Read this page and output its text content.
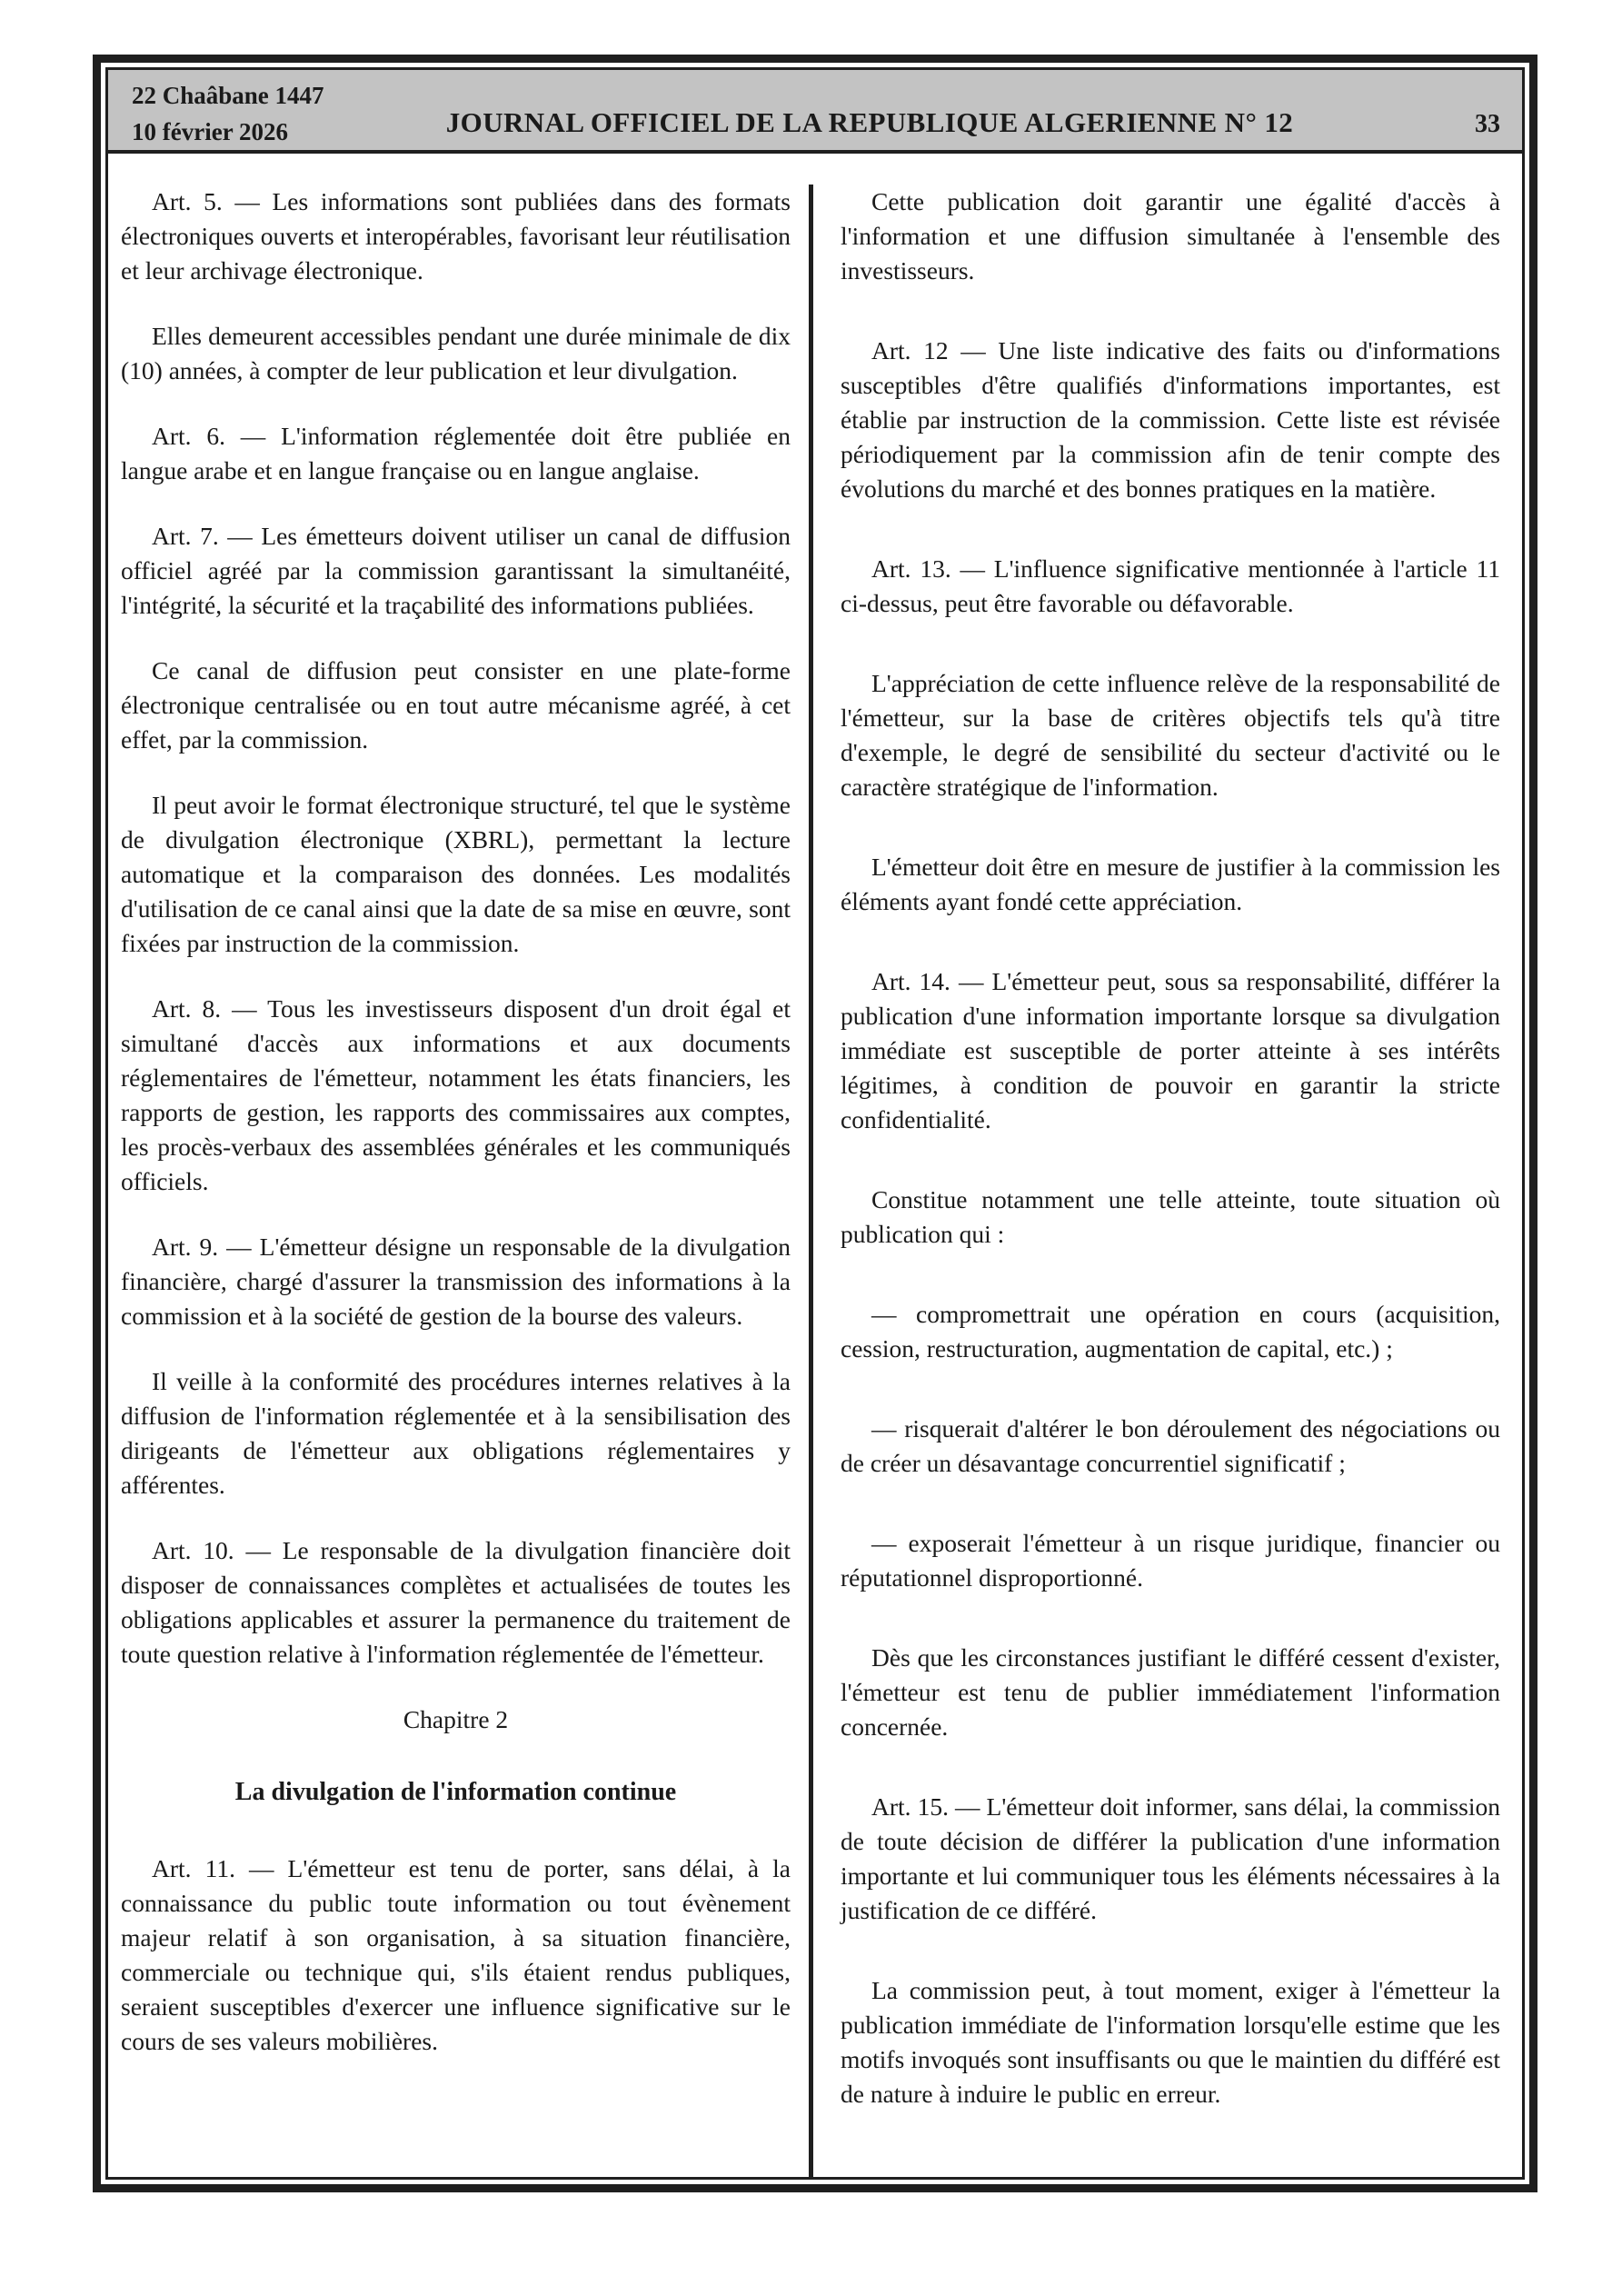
22 Chaâbane 1447
10 février 2026	JOURNAL OFFICIEL DE LA REPUBLIQUE ALGERIENNE N° 12	33

Art. 5. — Les informations sont publiées dans des formats électroniques ouverts et interopérables, favorisant leur réutilisation et leur archivage électronique.

Elles demeurent accessibles pendant une durée minimale de dix (10) années, à compter de leur publication et leur divulgation.

Art. 6. — L'information réglementée doit être publiée en langue arabe et en langue française ou en langue anglaise.

Art. 7. — Les émetteurs doivent utiliser un canal de diffusion officiel agréé par la commission garantissant la simultanéité, l'intégrité, la sécurité et la traçabilité des informations publiées.

Ce canal de diffusion peut consister en une plate-forme électronique centralisée ou en tout autre mécanisme agréé, à cet effet, par la commission.

Il peut avoir le format électronique structuré, tel que le système de divulgation électronique (XBRL), permettant la lecture automatique et la comparaison des données. Les modalités d'utilisation de ce canal ainsi que la date de sa mise en œuvre, sont fixées par instruction de la commission.

Art. 8. — Tous les investisseurs disposent d'un droit égal et simultané d'accès aux informations et aux documents réglementaires de l'émetteur, notamment les états financiers, les rapports de gestion, les rapports des commissaires aux comptes, les procès-verbaux des assemblées générales et les communiqués officiels.

Art. 9. — L'émetteur désigne un responsable de la divulgation financière, chargé d'assurer la transmission des informations à la commission et à la société de gestion de la bourse des valeurs.

Il veille à la conformité des procédures internes relatives à la diffusion de l'information réglementée et à la sensibilisation des dirigeants de l'émetteur aux obligations réglementaires y afférentes.

Art. 10. — Le responsable de la divulgation financière doit disposer de connaissances complètes et actualisées de toutes les obligations applicables et assurer la permanence du traitement de toute question relative à l'information réglementée de l'émetteur.

Chapitre 2

La divulgation de l'information continue

Art. 11. — L'émetteur est tenu de porter, sans délai, à la connaissance du public toute information ou tout évènement majeur relatif à son organisation, à sa situation financière, commerciale ou technique qui, s'ils étaient rendus publiques, seraient susceptibles d'exercer une influence significative sur le cours de ses valeurs mobilières.

Cette publication doit garantir une égalité d'accès à l'information et une diffusion simultanée à l'ensemble des investisseurs.

Art. 12 — Une liste indicative des faits ou d'informations susceptibles d'être qualifiés d'informations importantes, est établie par instruction de la commission. Cette liste est révisée périodiquement par la commission afin de tenir compte des évolutions du marché et des bonnes pratiques en la matière.

Art. 13. — L'influence significative mentionnée à l'article 11 ci-dessus, peut être favorable ou défavorable.

L'appréciation de cette influence relève de la responsabilité de l'émetteur, sur la base de critères objectifs tels qu'à titre d'exemple, le degré de sensibilité du secteur d'activité ou le caractère stratégique de l'information.

L'émetteur doit être en mesure de justifier à la commission les éléments ayant fondé cette appréciation.

Art. 14. — L'émetteur peut, sous sa responsabilité, différer la publication d'une information importante lorsque sa divulgation immédiate est susceptible de porter atteinte à ses intérêts légitimes, à condition de pouvoir en garantir la stricte confidentialité.

Constitue notamment une telle atteinte, toute situation où publication qui :

— compromettrait une opération en cours (acquisition, cession, restructuration, augmentation de capital, etc.) ;

— risquerait d'altérer le bon déroulement des négociations ou de créer un désavantage concurrentiel significatif ;

— exposerait l'émetteur à un risque juridique, financier ou réputationnel disproportionné.

Dès que les circonstances justifiant le différé cessent d'exister, l'émetteur est tenu de publier immédiatement l'information concernée.

Art. 15. — L'émetteur doit informer, sans délai, la commission de toute décision de différer la publication d'une information importante et lui communiquer tous les éléments nécessaires à la justification de ce différé.

La commission peut, à tout moment, exiger à l'émetteur la publication immédiate de l'information lorsqu'elle estime que les motifs invoqués sont insuffisants ou que le maintien du différé est de nature à induire le public en erreur.
